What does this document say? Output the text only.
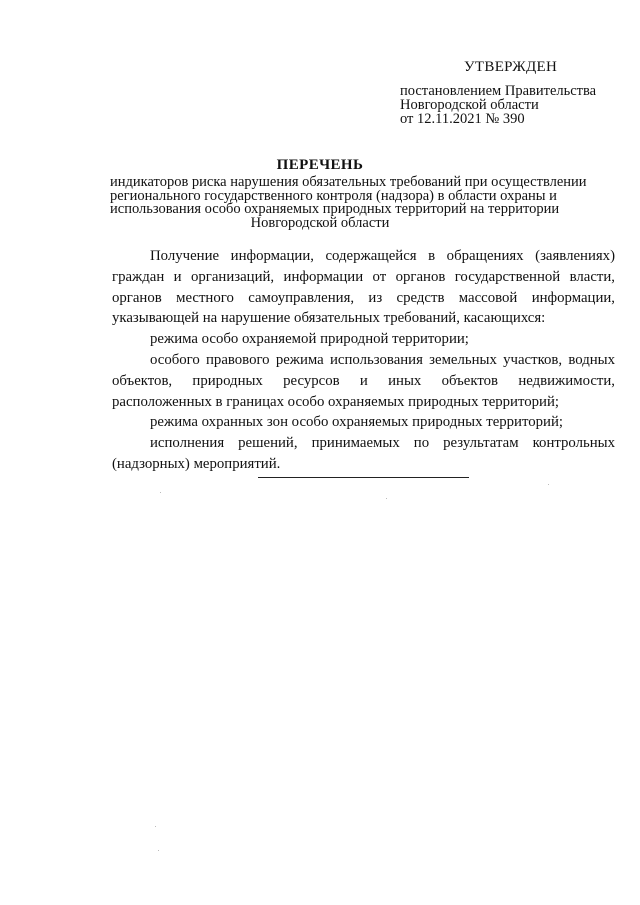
УТВЕРЖДЕН
постановлением Правительства
Новгородской области
от 12.11.2021 № 390
ПЕРЕЧЕНЬ
индикаторов риска нарушения обязательных требований при осуществлении
регионального государственного контроля (надзора) в области охраны и
использования особо охраняемых природных территорий на территории
Новгородской области

Получение информации, содержащейся в обращениях (заявлениях) граждан и организаций, информации от органов государственной власти, органов местного самоуправления, из средств массовой информации, указывающей на нарушение обязательных требований, касающихся:

режима особо охраняемой природной территории;

особого правового режима использования земельных участков, водных объектов, природных ресурсов и иных объектов недвижимости, расположенных в границах особо охраняемых природных территорий;

режима охранных зон особо охраняемых природных территорий;

исполнения решений, принимаемых по результатам контрольных (надзорных) мероприятий.
